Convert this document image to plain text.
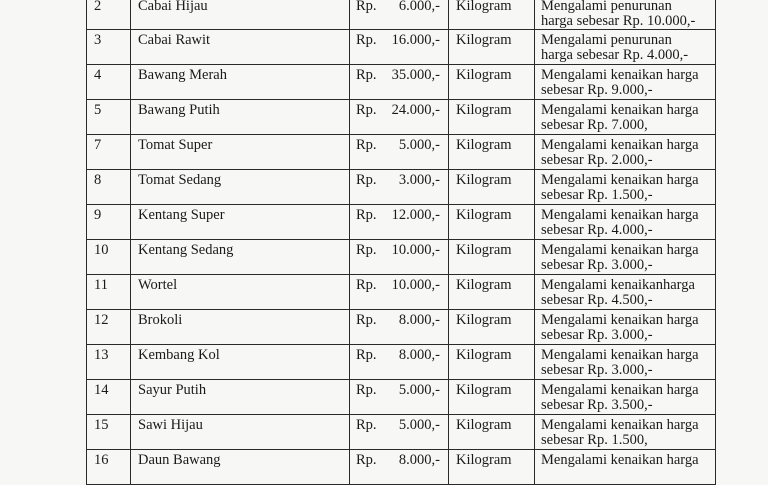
2	Cabai Hijau	Rp. 6.000,-	Kilogram	Mengalami penurunan
harga sebesar Rp. 10.000,-

3	Cabai Rawit	Rp. 16.000,-	Kilogram	Mengalami penurunan
harga sebesar Rp. 4.000,-

4	Bawang Merah	Rp. 35.000,-	Kilogram	Mengalami kenaikan harga
sebesar Rp. 9.000,-

5	Bawang Putih	Rp. 24.000,-	Kilogram	Mengalami kenaikan harga
sebesar Rp. 7.000,

7	Tomat Super	Rp. 5.000,-	Kilogram	Mengalami kenaikan harga
sebesar Rp. 2.000,-

8	Tomat Sedang	Rp. 3.000,-	Kilogram	Mengalami kenaikan harga
sebesar Rp. 1.500,-

9	Kentang Super	Rp. 12.000,-	Kilogram	Mengalami kenaikan harga
sebesar Rp. 4.000,-

10	Kentang Sedang	Rp. 10.000,-	Kilogram	Mengalami kenaikan harga
sebesar Rp. 3.000,-

11	Wortel	Rp. 10.000,-	Kilogram	Mengalami kenaikanharga
sebesar Rp. 4.500,-

12	Brokoli	Rp. 8.000,-	Kilogram	Mengalami kenaikan harga
sebesar Rp. 3.000,-

13	Kembang Kol	Rp. 8.000,-	Kilogram	Mengalami kenaikan harga
sebesar Rp. 3.000,-

14	Sayur Putih	Rp. 5.000,-	Kilogram	Mengalami kenaikan harga
sebesar Rp. 3.500,-

15	Sawi Hijau	Rp. 5.000,-	Kilogram	Mengalami kenaikan harga
sebesar Rp. 1.500,

16	Daun Bawang	Rp. 8.000,-	Kilogram	Mengalami kenaikan harga
